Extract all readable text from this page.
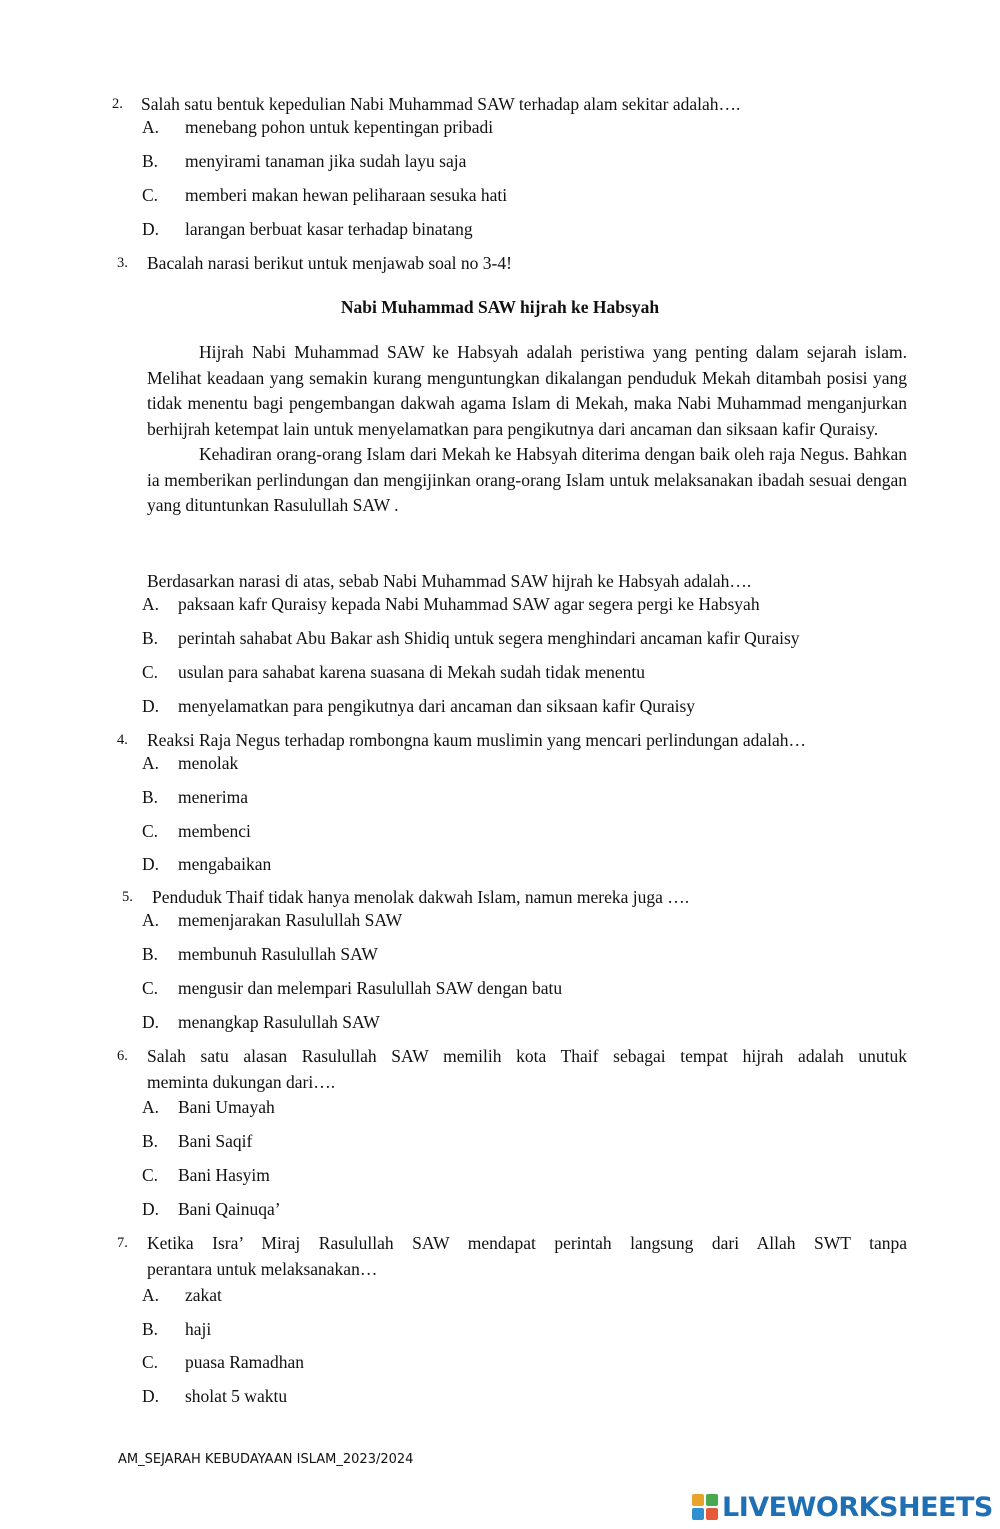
2. Salah satu bentuk kepedulian Nabi Muhammad SAW terhadap alam sekitar adalah….
A. menebang pohon untuk kepentingan pribadi
B. menyirami tanaman jika sudah layu saja
C. memberi makan hewan peliharaan sesuka hati
D. larangan berbuat kasar terhadap binatang
3. Bacalah narasi berikut untuk menjawab soal no 3-4!
Nabi Muhammad SAW hijrah ke Habsyah

Hijrah Nabi Muhammad SAW ke Habsyah adalah peristiwa yang penting dalam sejarah islam. Melihat keadaan yang semakin kurang menguntungkan dikalangan penduduk Mekah ditambah posisi yang tidak menentu bagi pengembangan dakwah agama Islam di Mekah, maka Nabi Muhammad menganjurkan berhijrah ketempat lain untuk menyelamatkan para pengikutnya dari ancaman dan siksaan kafir Quraisy.

Kehadiran orang-orang Islam dari Mekah ke Habsyah diterima dengan baik oleh raja Negus. Bahkan ia memberikan perlindungan dan mengijinkan orang-orang Islam untuk melaksanakan ibadah sesuai dengan yang dituntunkan Rasulullah SAW .

Berdasarkan narasi di atas, sebab Nabi Muhammad SAW hijrah ke Habsyah adalah….
A. paksaan kafr Quraisy kepada Nabi Muhammad SAW agar segera pergi ke Habsyah
B. perintah sahabat Abu Bakar ash Shidiq untuk segera menghindari ancaman kafir Quraisy
C. usulan para sahabat karena suasana di Mekah sudah tidak menentu
D. menyelamatkan para pengikutnya dari ancaman dan siksaan kafir Quraisy
4. Reaksi Raja Negus terhadap rombongna kaum muslimin yang mencari perlindungan adalah…
A. menolak
B. menerima
C. membenci
D. mengabaikan
5. Penduduk Thaif tidak hanya menolak dakwah Islam, namun mereka juga ….
A. memenjarakan Rasulullah SAW
B. membunuh Rasulullah SAW
C. mengusir dan melempari Rasulullah SAW dengan batu
D. menangkap Rasulullah SAW
6. Salah satu alasan Rasulullah SAW memilih kota Thaif sebagai tempat hijrah adalah unutuk
meminta dukungan dari….
A. Bani Umayah
B. Bani Saqif
C. Bani Hasyim
D. Bani Qainuqa’
7. Ketika Isra’ Miraj Rasulullah SAW mendapat perintah langsung dari Allah SWT tanpa
perantara untuk melaksanakan…
A. zakat
B. haji
C. puasa Ramadhan
D. sholat 5 waktu
AM_SEJARAH KEBUDAYAAN ISLAM_2023/2024
LIVEWORKSHEETS
